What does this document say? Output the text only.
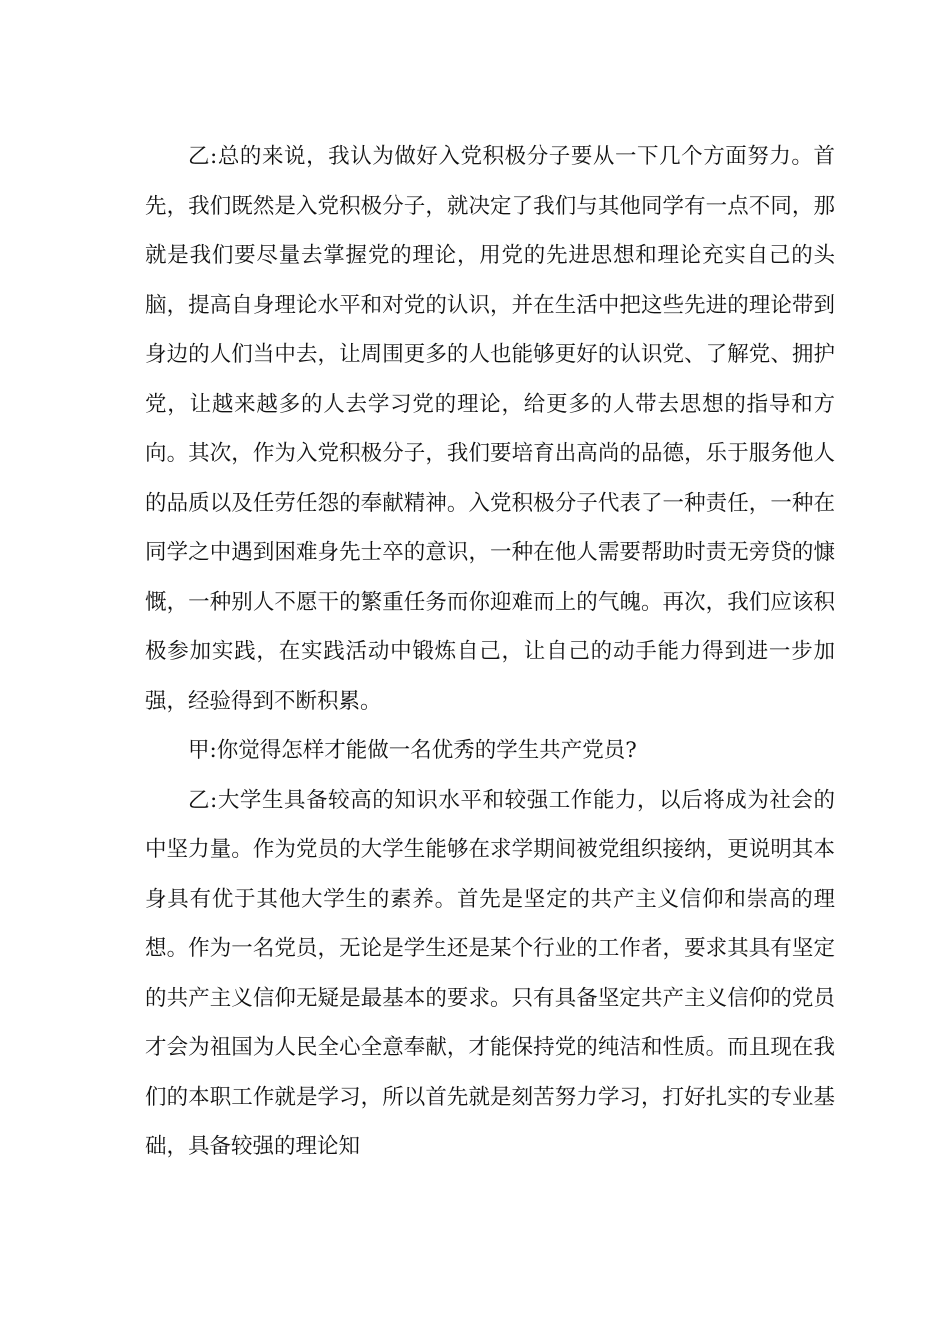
乙:总的来说，我认为做好入党积极分子要从一下几个方面努力。首先，我们既然是入党积极分子，就决定了我们与其他同学有一点不同，那就是我们要尽量去掌握党的理论，用党的先进思想和理论充实自己的头脑，提高自身理论水平和对党的认识，并在生活中把这些先进的理论带到身边的人们当中去，让周围更多的人也能够更好的认识党、了解党、拥护党，让越来越多的人去学习党的理论，给更多的人带去思想的指导和方向。其次，作为入党积极分子，我们要培育出高尚的品德，乐于服务他人的品质以及任劳任怨的奉献精神。入党积极分子代表了一种责任，一种在同学之中遇到困难身先士卒的意识，一种在他人需要帮助时责无旁贷的慷慨，一种别人不愿干的繁重任务而你迎难而上的气魄。再次，我们应该积极参加实践，在实践活动中锻炼自己，让自己的动手能力得到进一步加强，经验得到不断积累。

甲:你觉得怎样才能做一名优秀的学生共产党员?

乙:大学生具备较高的知识水平和较强工作能力，以后将成为社会的中坚力量。作为党员的大学生能够在求学期间被党组织接纳，更说明其本身具有优于其他大学生的素养。首先是坚定的共产主义信仰和崇高的理想。作为一名党员，无论是学生还是某个行业的工作者，要求其具有坚定的共产主义信仰无疑是最基本的要求。只有具备坚定共产主义信仰的党员才会为祖国为人民全心全意奉献，才能保持党的纯洁和性质。而且现在我们的本职工作就是学习，所以首先就是刻苦努力学习，打好扎实的专业基础，具备较强的理论知
